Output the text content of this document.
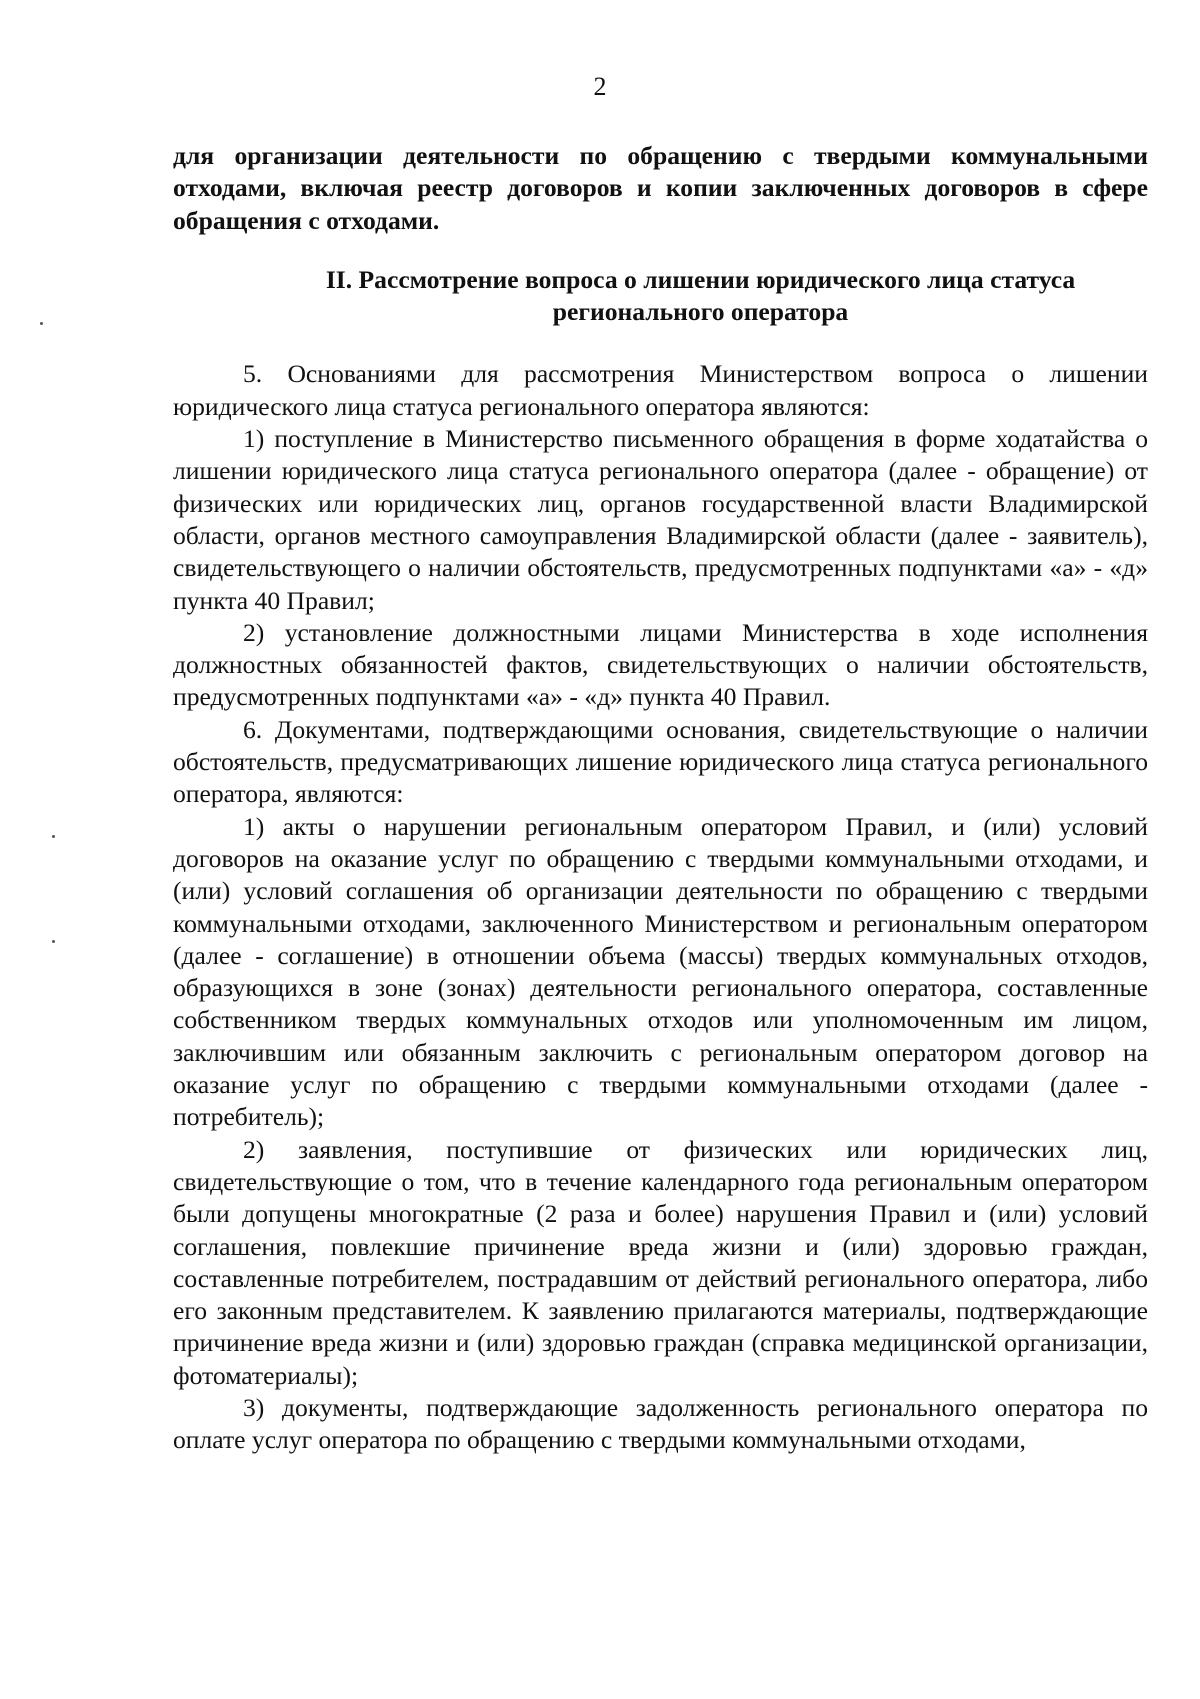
2

для организации деятельности по обращению с твердыми коммунальными отходами, включая реестр договоров и копии заключенных договоров в сфере обращения с отходами.

II. Рассмотрение вопроса о лишении юридического лица статуса регионального оператора

5. Основаниями для рассмотрения Министерством вопроса о лишении юридического лица статуса регионального оператора являются:

1) поступление в Министерство письменного обращения в форме ходатайства о лишении юридического лица статуса регионального оператора (далее - обращение) от физических или юридических лиц, органов государственной власти Владимирской области, органов местного самоуправления Владимирской области (далее - заявитель), свидетельствующего о наличии обстоятельств, предусмотренных подпунктами «а» - «д» пункта 40 Правил;

2) установление должностными лицами Министерства в ходе исполнения должностных обязанностей фактов, свидетельствующих о наличии обстоятельств, предусмотренных подпунктами «а» - «д» пункта 40 Правил.

6. Документами, подтверждающими основания, свидетельствующие о наличии обстоятельств, предусматривающих лишение юридического лица статуса регионального оператора, являются:

1) акты о нарушении региональным оператором Правил, и (или) условий договоров на оказание услуг по обращению с твердыми коммунальными отходами, и (или) условий соглашения об организации деятельности по обращению с твердыми коммунальными отходами, заключенного Министерством и региональным оператором (далее - соглашение) в отношении объема (массы) твердых коммунальных отходов, образующихся в зоне (зонах) деятельности регионального оператора, составленные собственником твердых коммунальных отходов или уполномоченным им лицом, заключившим или обязанным заключить с региональным оператором договор на оказание услуг по обращению с твердыми коммунальными отходами (далее - потребитель);

2) заявления, поступившие от физических или юридических лиц, свидетельствующие о том, что в течение календарного года региональным оператором были допущены многократные (2 раза и более) нарушения Правил и (или) условий соглашения, повлекшие причинение вреда жизни и (или) здоровью граждан, составленные потребителем, пострадавшим от действий регионального оператора, либо его законным представителем. К заявлению прилагаются материалы, подтверждающие причинение вреда жизни и (или) здоровью граждан (справка медицинской организации, фотоматериалы);

3) документы, подтверждающие задолженность регионального оператора по оплате услуг оператора по обращению с твердыми коммунальными отходами,
